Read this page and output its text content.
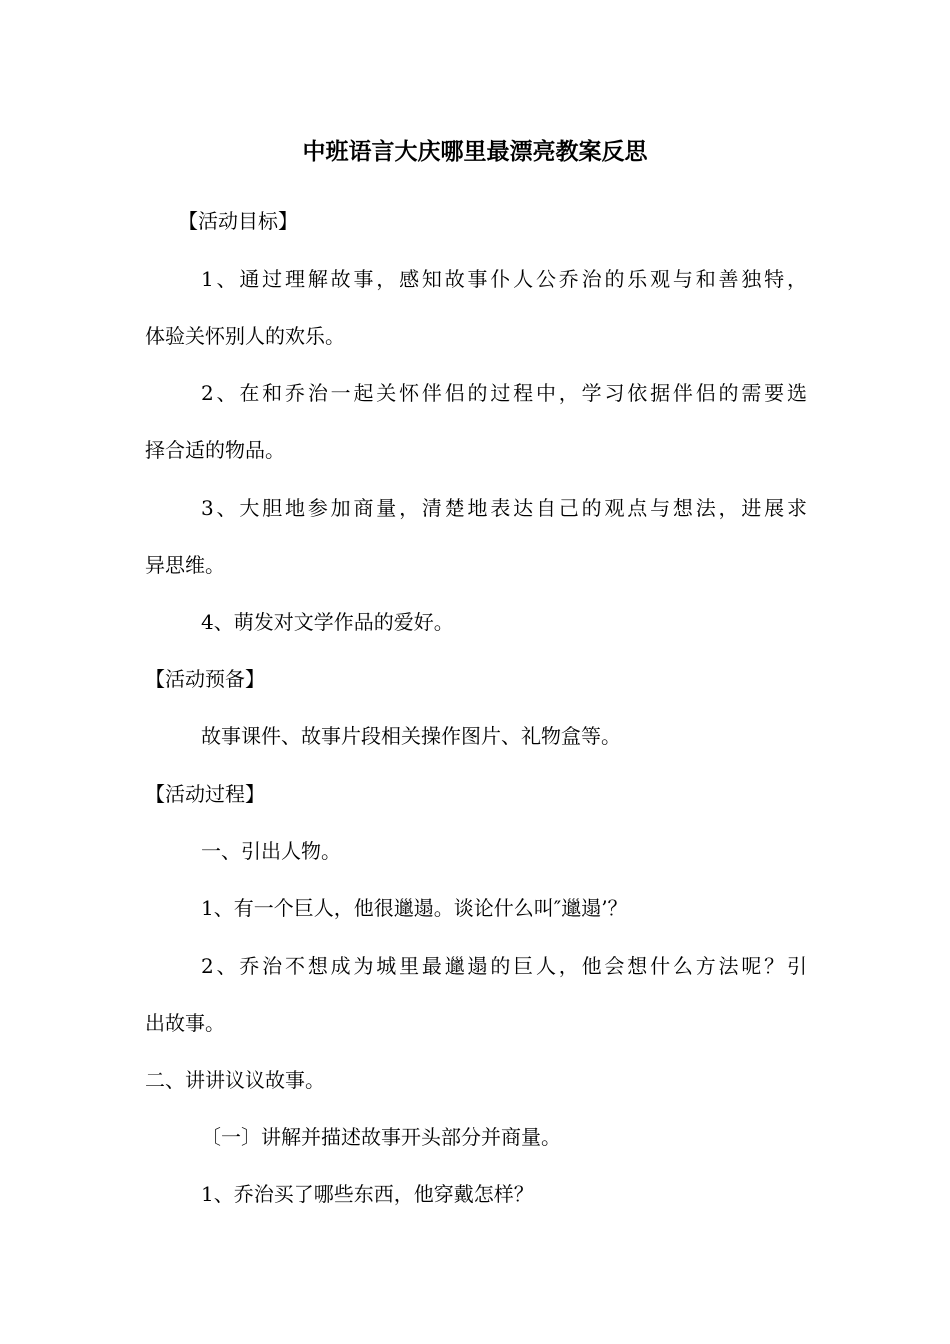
中班语言大庆哪里最漂亮教案反思
【活动目标】
1、通过理解故事，感知故事仆人公乔治的乐观与和善独特，
体验关怀别人的欢乐。
2、在和乔治一起关怀伴侣的过程中，学习依据伴侣的需要选
择合适的物品。
3、大胆地参加商量，清楚地表达自己的观点与想法，进展求
异思维。
4、萌发对文学作品的爱好。
【活动预备】
故事课件、故事片段相关操作图片、礼物盒等。
【活动过程】
一、引出人物。
1、有一个巨人，他很邋遢。谈论什么叫″邋遢’？
2、乔治不想成为城里最邋遢的巨人，他会想什么方法呢？引
出故事。
二、讲讲议议故事。
〔一〕讲解并描述故事开头部分并商量。
1、乔治买了哪些东西，他穿戴怎样？
